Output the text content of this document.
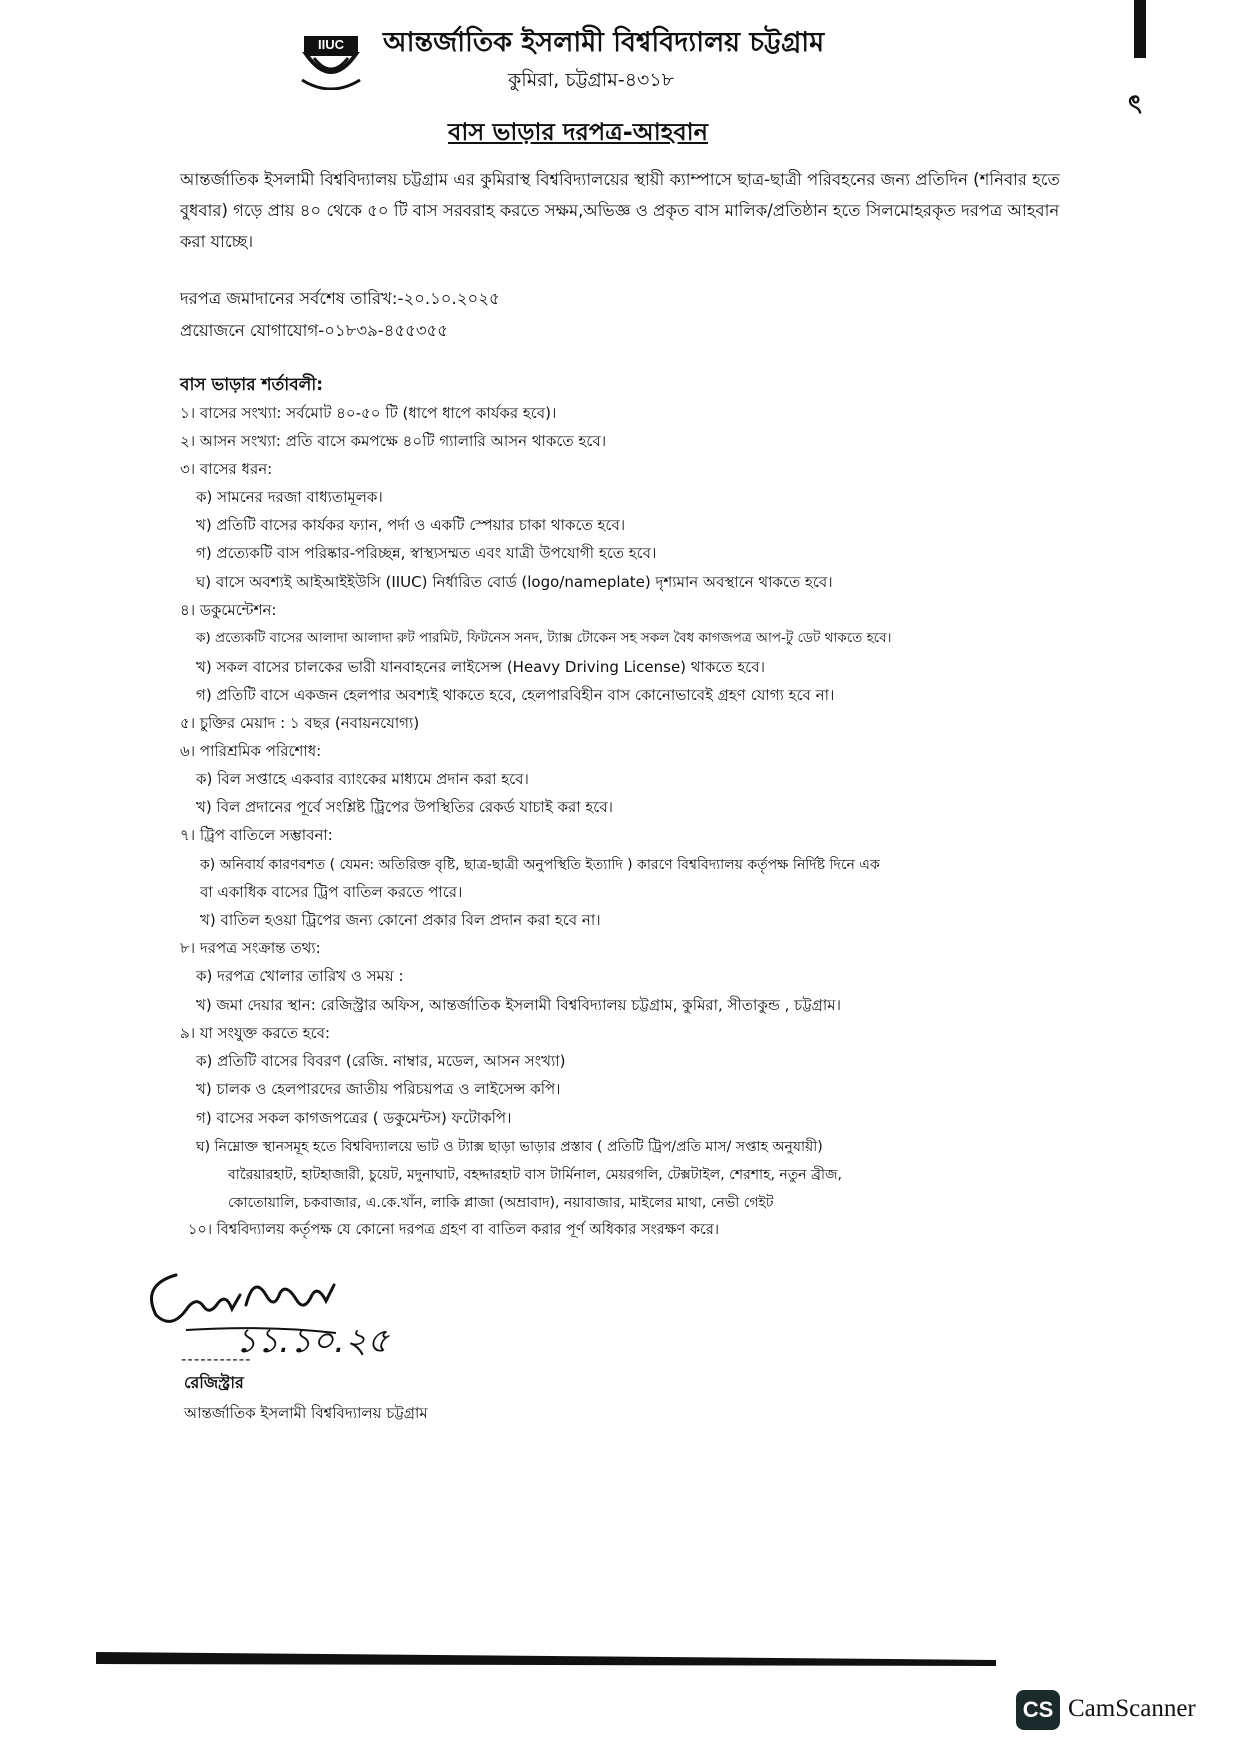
IIUC আন্তর্জাতিক ইসলামী বিশ্ববিদ্যালয় চট্টগ্রাম
কুমিরা, চট্টগ্রাম-৪৩১৮
বাস ভাড়ার দরপত্র-আহবান
আন্তর্জাতিক ইসলামী বিশ্ববিদ্যালয় চট্টগ্রাম এর কুমিরাস্থ বিশ্ববিদ্যালয়ের স্থায়ী ক্যাম্পাসে ছাত্র-ছাত্রী পরিবহনের জন্য প্রতিদিন (শনিবার হতে বুধবার) গড়ে প্রায় ৪০ থেকে ৫০ টি বাস সরবরাহ করতে সক্ষম,অভিজ্ঞ ও প্রকৃত বাস মালিক/প্রতিষ্ঠান হতে সিলমোহরকৃত দরপত্র আহবান করা যাচ্ছে।
দরপত্র জমাদানের সর্বশেষ তারিখ:-২০.১০.২০২৫
প্রয়োজনে যোগাযোগ-০১৮৩৯-৪৫৫৩৫৫
বাস ভাড়ার শর্তাবলী:
১। বাসের সংখ্যা: সর্বমোট ৪০-৫০ টি (ধাপে ধাপে কার্যকর হবে)।
২। আসন সংখ্যা: প্রতি বাসে কমপক্ষে ৪০টি গ্যালারি আসন থাকতে হবে।
৩। বাসের ধরন:
ক) সামনের দরজা বাধ্যতামূলক।
খ) প্রতিটি বাসের কার্যকর ফ্যান, পর্দা ও একটি স্পেয়ার চাকা থাকতে হবে।
গ) প্রত্যেকটি বাস পরিষ্কার-পরিচ্ছন্ন, স্বাস্থ্যসম্মত এবং যাত্রী উপযোগী হতে হবে।
ঘ) বাসে অবশ্যই আইআইইউসি (IIUC) নির্ধারিত বোর্ড (logo/nameplate) দৃশ্যমান অবস্থানে থাকতে হবে।
৪। ডকুমেন্টেশন:
ক) প্রত্যেকটি বাসের আলাদা আলাদা রুট পারমিট, ফিটনেস সনদ, ট্যাক্স টোকেন সহ সকল বৈধ কাগজপত্র আপ-টু ডেট থাকতে হবে।
খ) সকল বাসের চালকের ভারী যানবাহনের লাইসেন্স (Heavy Driving License) থাকতে হবে।
গ) প্রতিটি বাসে একজন হেলপার অবশ্যই থাকতে হবে, হেলপারবিহীন বাস কোনোভাবেই গ্রহণ যোগ্য হবে না।
৫। চুক্তির মেয়াদ : ১ বছর (নবায়নযোগ্য)
৬। পারিশ্রমিক পরিশোধ:
ক) বিল সপ্তাহে একবার ব্যাংকের মাধ্যমে প্রদান করা হবে।
খ) বিল প্রদানের পূর্বে সংশ্লিষ্ট ট্রিপের উপস্থিতির রেকর্ড যাচাই করা হবে।
৭। ট্রিপ বাতিলে সম্ভাবনা:
ক) অনিবার্য কারণবশত ( যেমন: অতিরিক্ত বৃষ্টি, ছাত্র-ছাত্রী অনুপস্থিতি ইত্যাদি ) কারণে বিশ্ববিদ্যালয় কর্তৃপক্ষ নির্দিষ্ট দিনে এক
বা একাধিক বাসের ট্রিপ বাতিল করতে পারে।
খ) বাতিল হওয়া ট্রিপের জন্য কোনো প্রকার বিল প্রদান করা হবে না।
৮। দরপত্র সংক্রান্ত তথ্য:
ক) দরপত্র খোলার তারিখ ও সময় :
খ) জমা দেয়ার স্থান: রেজিস্ট্রার অফিস, আন্তর্জাতিক ইসলামী বিশ্ববিদ্যালয় চট্টগ্রাম, কুমিরা, সীতাকুন্ড , চট্টগ্রাম।
৯। যা সংযুক্ত করতে হবে:
ক) প্রতিটি বাসের বিবরণ (রেজি. নাম্বার, মডেল, আসন সংখ্যা)
খ) চালক ও হেলপারদের জাতীয় পরিচয়পত্র ও লাইসেন্স কপি।
গ) বাসের সকল কাগজপত্রের ( ডকুমেন্টস) ফটোকপি।
ঘ) নিম্নোক্ত স্থানসমূহ হতে বিশ্ববিদ্যালয়ে ভাট ও ট্যাক্স ছাড়া ভাড়ার প্রস্তাব ( প্রতিটি ট্রিপ/প্রতি মাস/ সপ্তাহ অনুযায়ী)
বারৈয়ারহাট, হাটহাজারী, চুয়েট, মদুনাঘাট, বহদ্দারহাট বাস টার্মিনাল, মেয়রগলি, টেক্সটাইল, শেরশাহ, নতুন ব্রীজ,
কোতোয়ালি, চকবাজার, এ.কে.খাঁন, লাকি প্লাজা (অম্রাবাদ), নয়াবাজার, মাইলের মাথা, নেভী গেইট
১০। বিশ্ববিদ্যালয় কর্তৃপক্ষ যে কোনো দরপত্র গ্রহণ বা বাতিল করার পূর্ণ অধিকার সংরক্ষণ করে।
১১.১০.২৫
-----------
রেজিস্ট্রার
আন্তর্জাতিক ইসলামী বিশ্ববিদ্যালয় চট্টগ্রাম
ৎ
CS CamScanner
